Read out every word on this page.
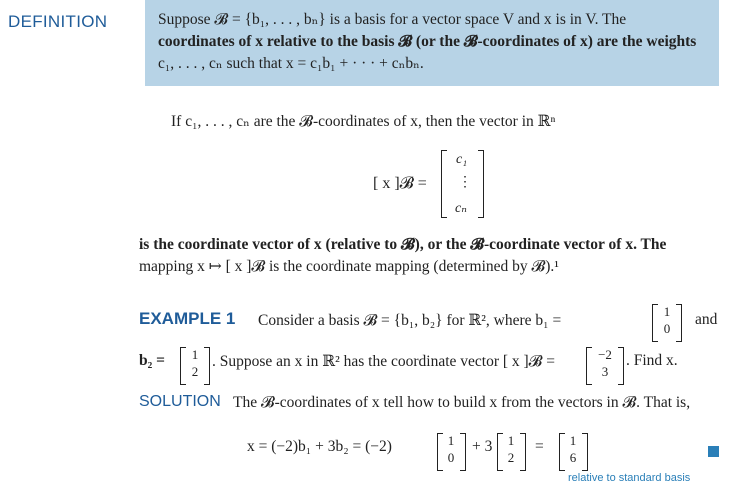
DEFINITION	Suppose 𝓑 = {b₁, . . . , bₙ} is a basis for a vector space V and x is in V. The
coordinates of x relative to the basis 𝓑 (or the 𝓑-coordinates of x) are the weights
c₁, . . . , cₙ such that x = c₁b₁ + · · · + cₙbₙ.
If c₁, . . . , cₙ are the 𝓑-coordinates of x, then the vector in ℝⁿ
[ x ]𝓑 =
c₁
⋮
cₙ
is the coordinate vector of x (relative to 𝓑), or the 𝓑-coordinate vector of x. The
mapping x ↦ [ x ]𝓑 is the coordinate mapping (determined by 𝓑).¹
EXAMPLE 1 Consider a basis 𝓑 = {b₁, b₂} for ℝ², where b₁ =
1
0
and
b₂ = 1
2
. Suppose an x in ℝ² has the coordinate vector [ x ]𝓑 =	−2
3
. Find x.
SOLUTION The 𝓑-coordinates of x tell how to build x from the vectors in 𝓑. That is,
x = (−2)b₁ + 3b₂ = (−2)	1
0
+ 3 1
2
= 1
6
relative to standard basis
